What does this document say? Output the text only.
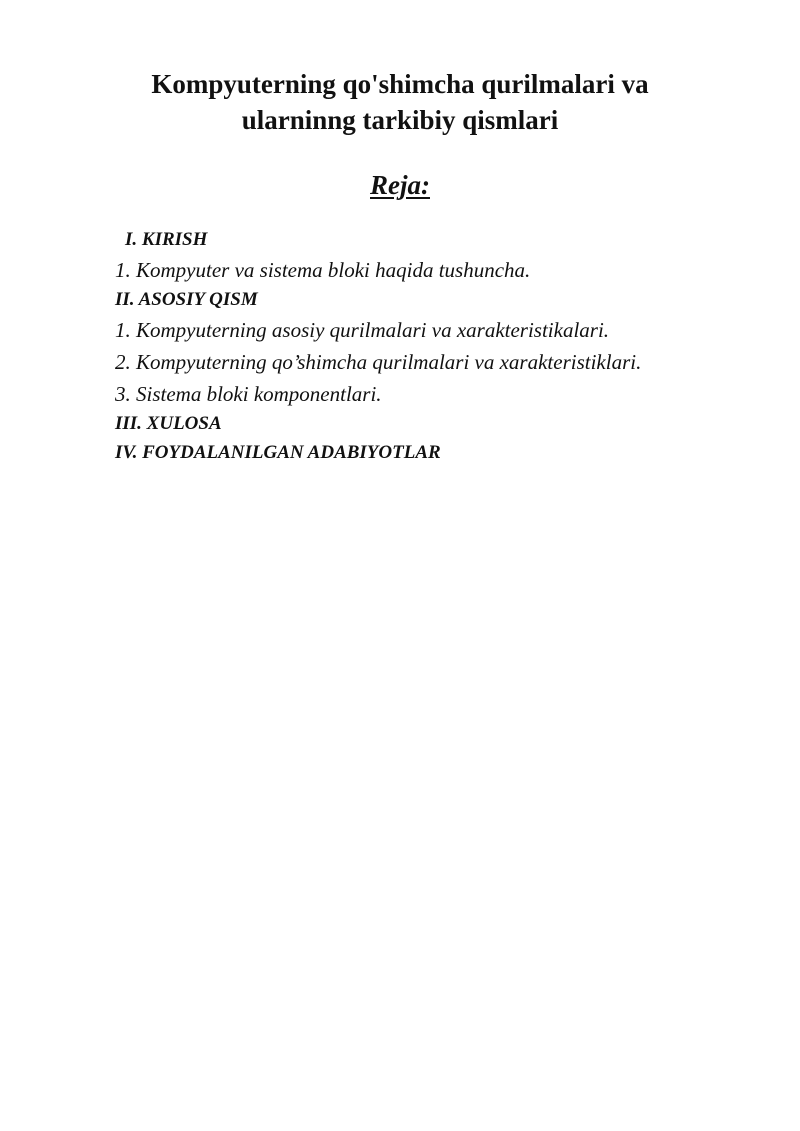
Kompyuterning qo'shimcha qurilmalari va
ularninng tarkibiy qismlari
Reja:
I. KIRISH
1. Kompyuter va sistema bloki haqida tushuncha.
II. ASOSIY QISM
1. Kompyuterning asosiy qurilmalari va xarakteristikalari.
2. Kompyuterning qo’shimcha qurilmalari va xarakteristiklari.
3. Sistema bloki komponentlari.
III. XULOSA
IV. FOYDALANILGAN ADABIYOTLAR
